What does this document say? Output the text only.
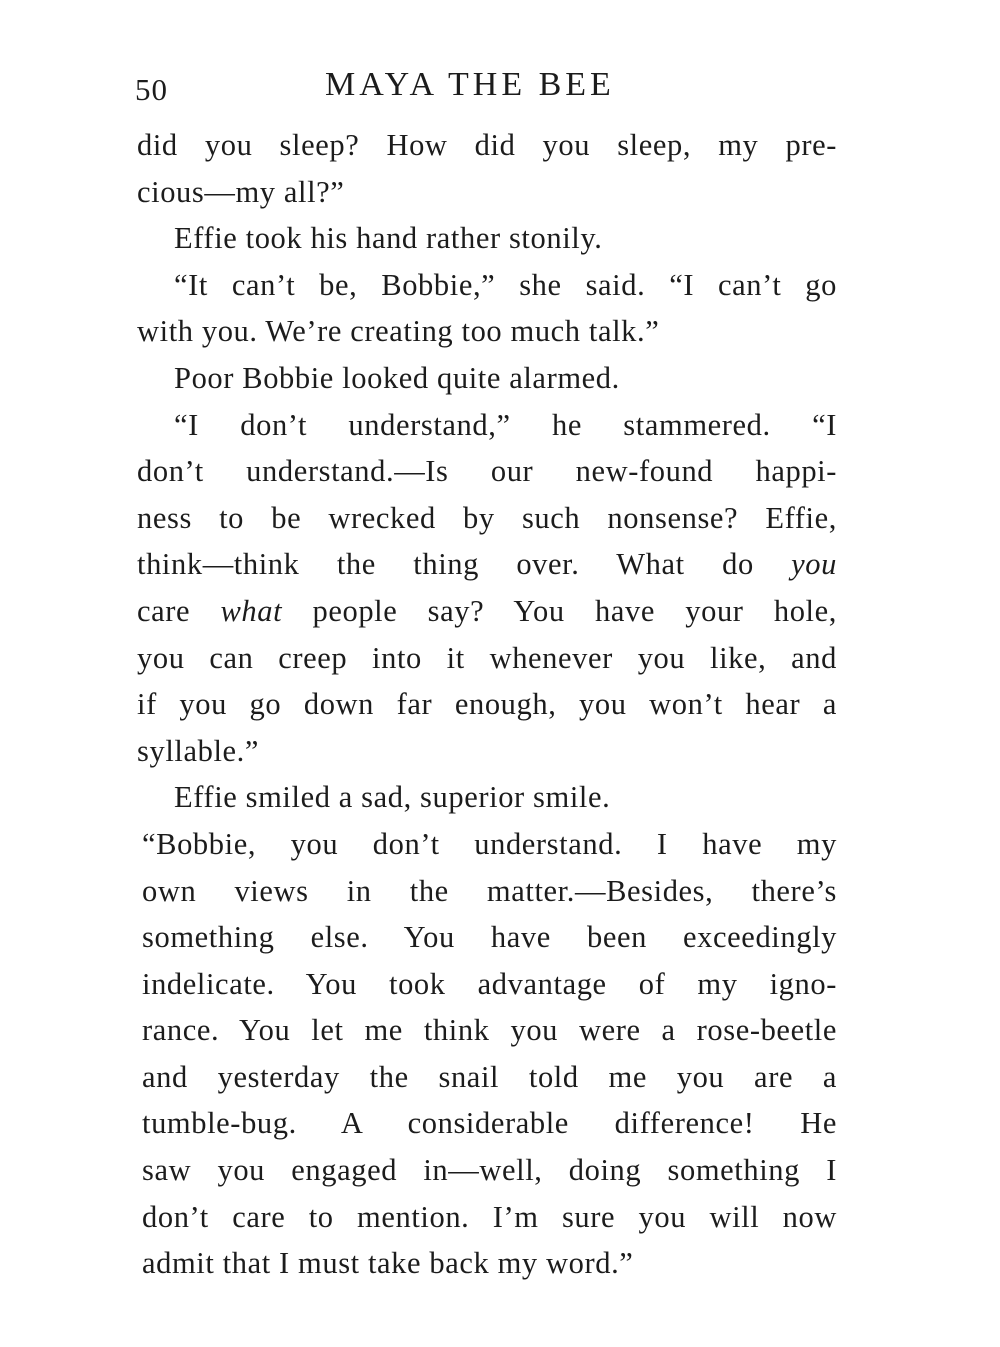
50	MAYA THE BEE
did you sleep? How did you sleep, my pre-
cious—my all?”
Effie took his hand rather stonily.
“It can’t be, Bobbie,” she said. “I can’t go
with you. We’re creating too much talk.”
Poor Bobbie looked quite alarmed.
“I don’t understand,” he stammered. “I
don’t understand.—Is our new-found happi-
ness to be wrecked by such nonsense? Effie,
think—think the thing over. What do you
care what people say? You have your hole,
you can creep into it whenever you like, and
if you go down far enough, you won’t hear a
syllable.”
Effie smiled a sad, superior smile.
“Bobbie, you don’t understand. I have my
own views in the matter.—Besides, there’s
something else. You have been exceedingly
indelicate. You took advantage of my igno-
rance. You let me think you were a rose-beetle
and yesterday the snail told me you are a
tumble-bug. A considerable difference! He
saw you engaged in—well, doing something I
don’t care to mention. I’m sure you will now
admit that I must take back my word.”
